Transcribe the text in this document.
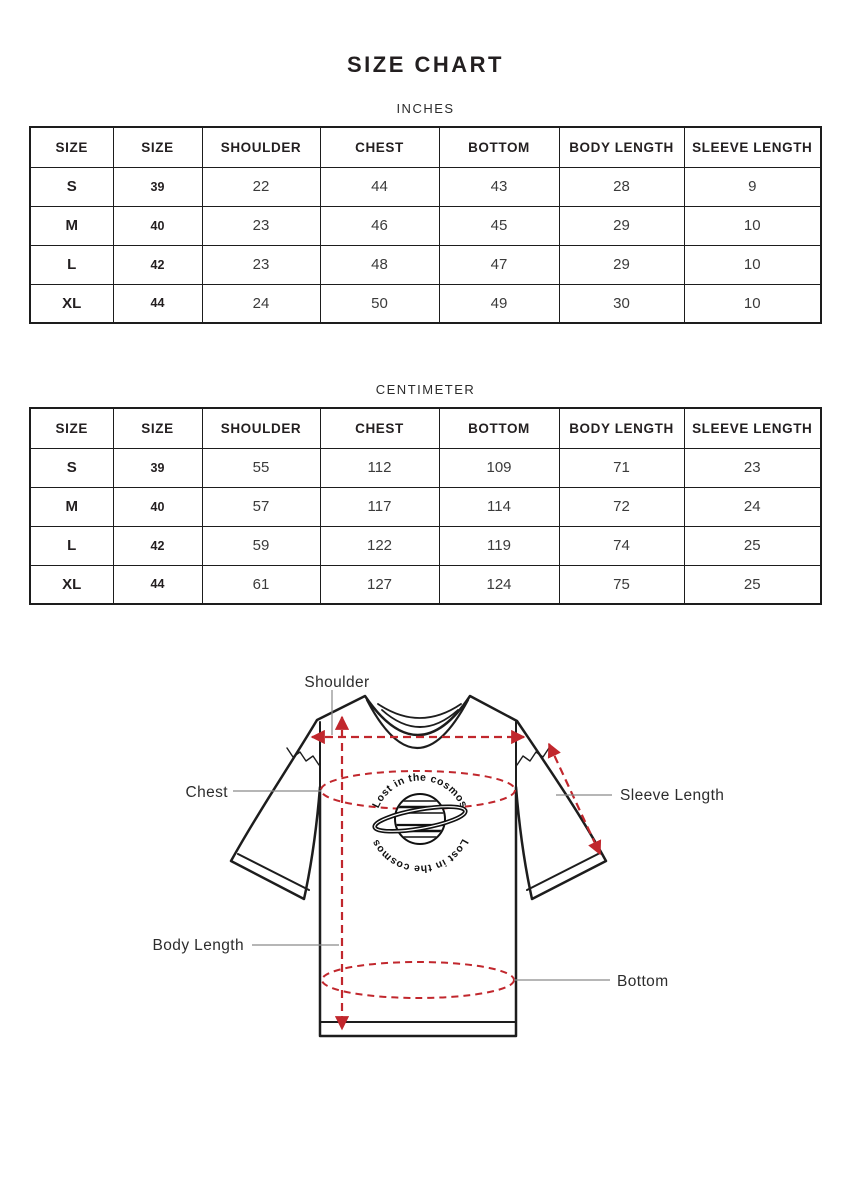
SIZE CHART
INCHES
SIZE	SIZE	SHOULDER	CHEST	BOTTOM	BODY LENGTH	SLEEVE LENGTH
S	39	22	44	43	28	9
M	40	23	46	45	29	10
L	42	23	48	47	29	10
XL	44	24	50	49	30	10
CENTIMETER
SIZE	SIZE	SHOULDER	CHEST	BOTTOM	BODY LENGTH	SLEEVE LENGTH
S	39	55	112	109	71	23
M	40	57	117	114	72	24
L	42	59	122	119	74	25
XL	44	61	127	124	75	25
Lost in the cosmos
Lost in the cosmos
Shoulder
Chest	Sleeve Length
Body Length
Bottom
